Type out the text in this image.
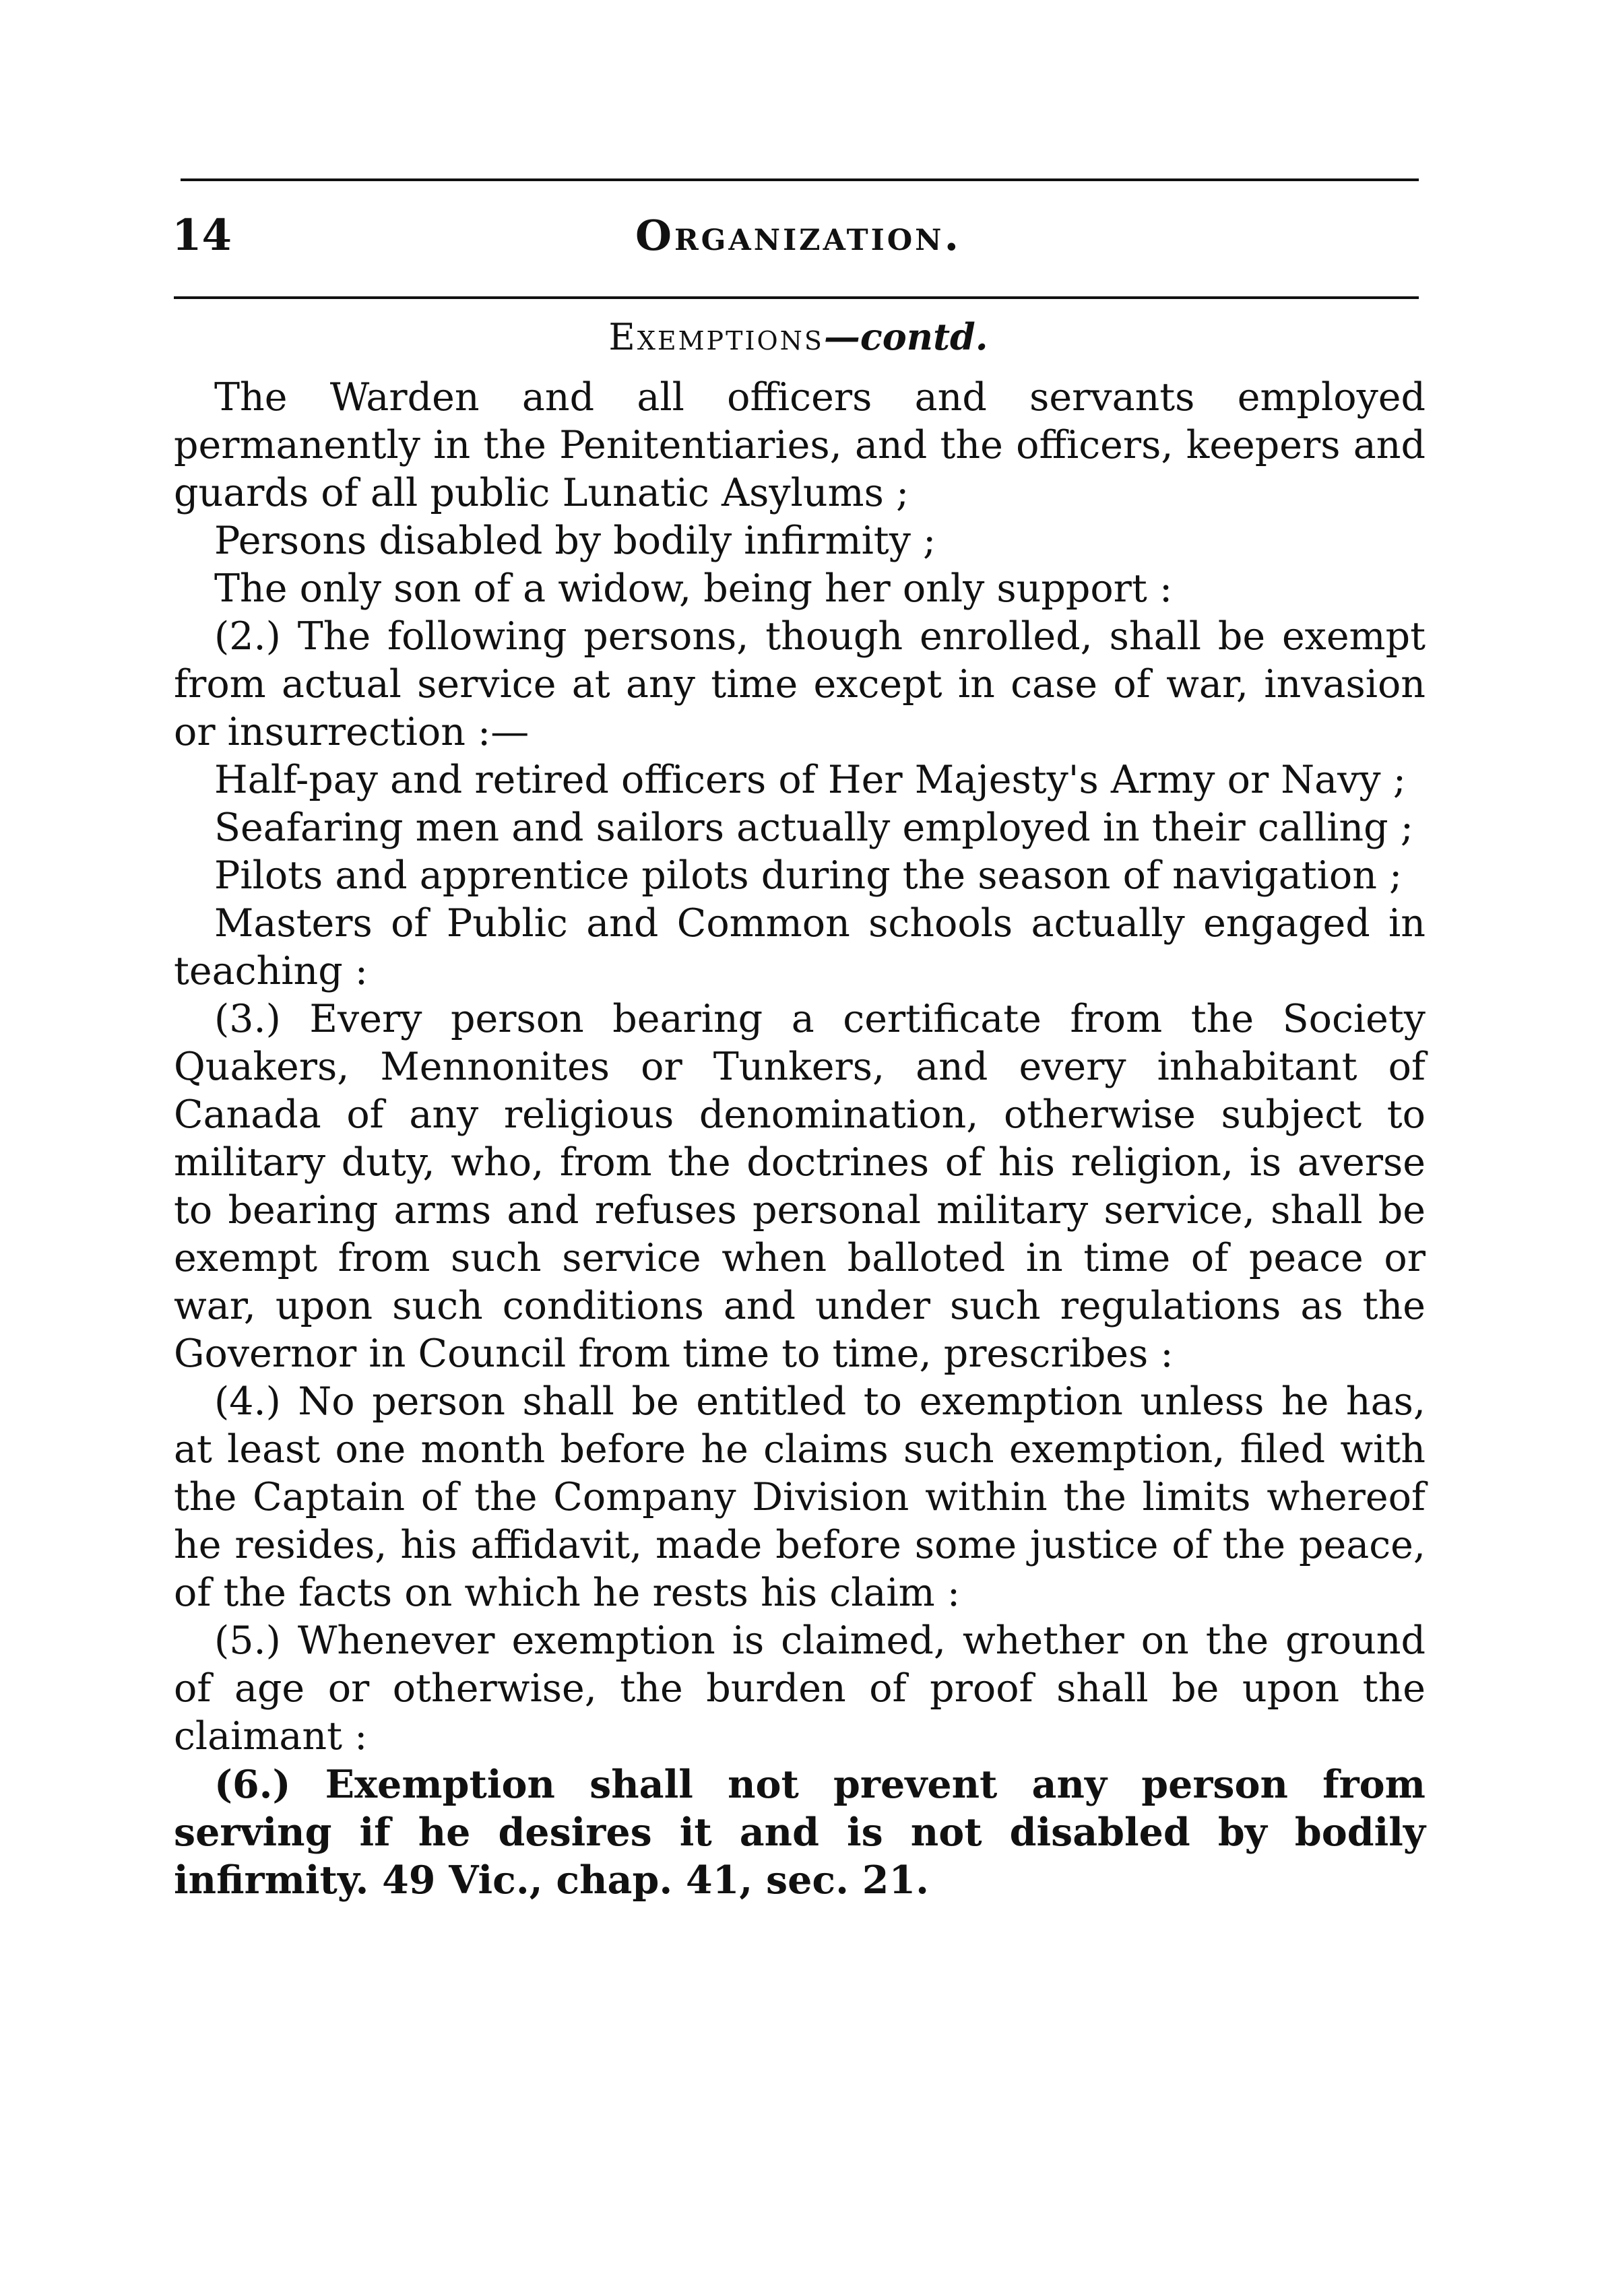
14	Organization.
Exemptions—contd.

The Warden and all officers and servants employed permanently in the Penitentiaries, and the officers, keepers and guards of all public Lunatic Asylums ;

Persons disabled by bodily infirmity ;

The only son of a widow, being her only support :

(2.) The following persons, though enrolled, shall be exempt from actual service at any time except in case of war, invasion or insurrection :—

Half-pay and retired officers of Her Majesty's Army or Navy ;

Seafaring men and sailors actually employed in their calling ;

Pilots and apprentice pilots during the season of navigation ;

Masters of Public and Common schools actually engaged in teaching :

(3.) Every person bearing a certificate from the Society Quakers, Mennonites or Tunkers, and every inhabitant of Canada of any religious denomination, otherwise subject to military duty, who, from the doctrines of his religion, is averse to bearing arms and refuses personal military service, shall be exempt from such service when balloted in time of peace or war, upon such conditions and under such regulations as the Governor in Council from time to time, prescribes :

(4.) No person shall be entitled to exemption unless he has, at least one month before he claims such exemption, filed with the Captain of the Company Division within the limits whereof he resides, his affidavit, made before some justice of the peace, of the facts on which he rests his claim :

(5.) Whenever exemption is claimed, whether on the ground of age or otherwise, the burden of proof shall be upon the claimant :

(6.) Exemption shall not prevent any person from serving if he desires it and is not disabled by bodily infirmity. 49 Vic., chap. 41, sec. 21.
